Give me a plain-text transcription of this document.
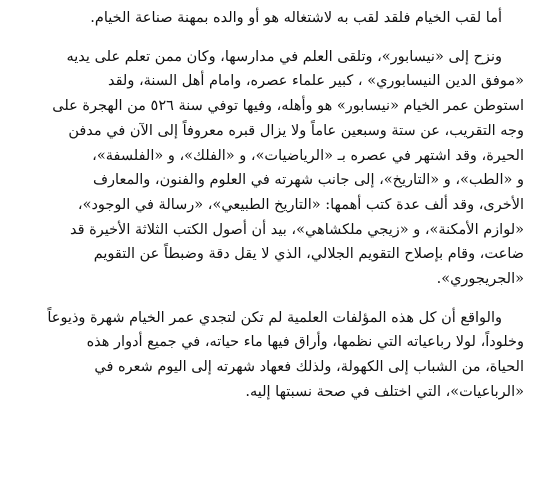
أما لقب الخيام فلقد لقب به لاشتغاله هو أو والده بمهنة صناعة الخيام.

ونزح إلى «نيسابور»، وتلقى العلم في مدارسها، وكان ممن تعلم على يديه
«موفق الدين النيسابوري» ، كبير علماء عصره، وامام أهل السنة، ولقد
استوطن عمر الخيام «نيسابور» هو وأهله، وفيها توفي سنة ٥٢٦ من الهجرة على
وجه التقريب، عن ستة وسبعين عاماً ولا يزال قبره معروفاً إلى الآن في مدفن
الحيرة، وقد اشتهر في عصره بـ «الرياضيات»، و «الفلك»، و «الفلسفة»،
و «الطب»، و «التاريخ»، إلى جانب شهرته في العلوم والفنون، والمعارف
الأخرى، وقد ألف عدة كتب أهمها: «التاريخ الطبيعي»، «رسالة في الوجود»،
«لوازم الأمكنة»، و «زيجي ملكشاهي»، بيد أن أصول الكتب الثلاثة الأخيرة قد
ضاعت، وقام بإصلاح التقويم الجلالي، الذي لا يقل دقة وضبطاً عن التقويم
«الجريجوري».

والواقع أن كل هذه المؤلفات العلمية لم تكن لتجدي عمر الخيام شهرة وذيوعاً
وخلوداً، لولا رباعياته التي نظمها، وأراق فيها ماء حياته، في جميع أدوار هذه
الحياة، من الشباب إلى الكهولة، ولذلك فعهاد شهرته إلى اليوم شعره في
«الرباعيات»، التي اختلف في صحة نسبتها إليه.
